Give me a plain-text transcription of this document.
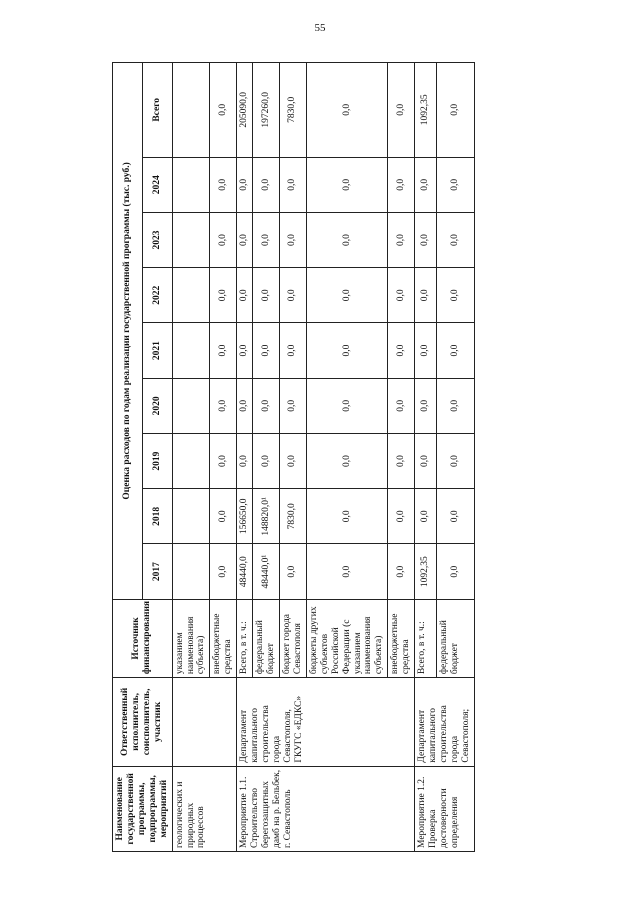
55
Наименование государственной программы, подпрограммы, мероприятий	Ответственный исполнитель, соисполнитель, участник	Источник финансирования	Оценка расходов по годам реализации государственной программы (тыс. руб.)								
			2017	2018	2019	2020	2021	2022	2023	2024	Всего
геологических и природных процессов		указанием наименования субъекта)									
		внебюджетные средства	0,0	0,0	0,0	0,0	0,0	0,0	0,0	0,0	0,0
Мероприятие 1.1. Строительство берегозащитных дамб на р. Бельбек, г. Севастополь	Департамент капитального строительства города Севастополя, ГКУГС «ЕДКС»	Всего, в т. ч.:	48440,0	156650,0	0,0	0,0	0,0	0,0	0,0	0,0	205090,0
		федеральный бюджет	48440,0¹	148820,0¹	0,0	0,0	0,0	0,0	0,0	0,0	197260,0
		бюджет города Севастополя	0,0	7830,0	0,0	0,0	0,0	0,0	0,0	0,0	7830,0
		бюджеты других субъектов Российской Федерации (с указанием наименования субъекта)	0,0	0,0	0,0	0,0	0,0	0,0	0,0	0,0	0,0
		внебюджетные средства	0,0	0,0	0,0	0,0	0,0	0,0	0,0	0,0	0,0
Мероприятие 1.2. Проверка достоверности определения	Департамент капитального строительства города Севастополя;	Всего, в т. ч.:	1092,35	0,0	0,0	0,0	0,0	0,0	0,0	0,0	1092,35
		федеральный бюджет	0,0	0,0	0,0	0,0	0,0	0,0	0,0	0,0	0,0
